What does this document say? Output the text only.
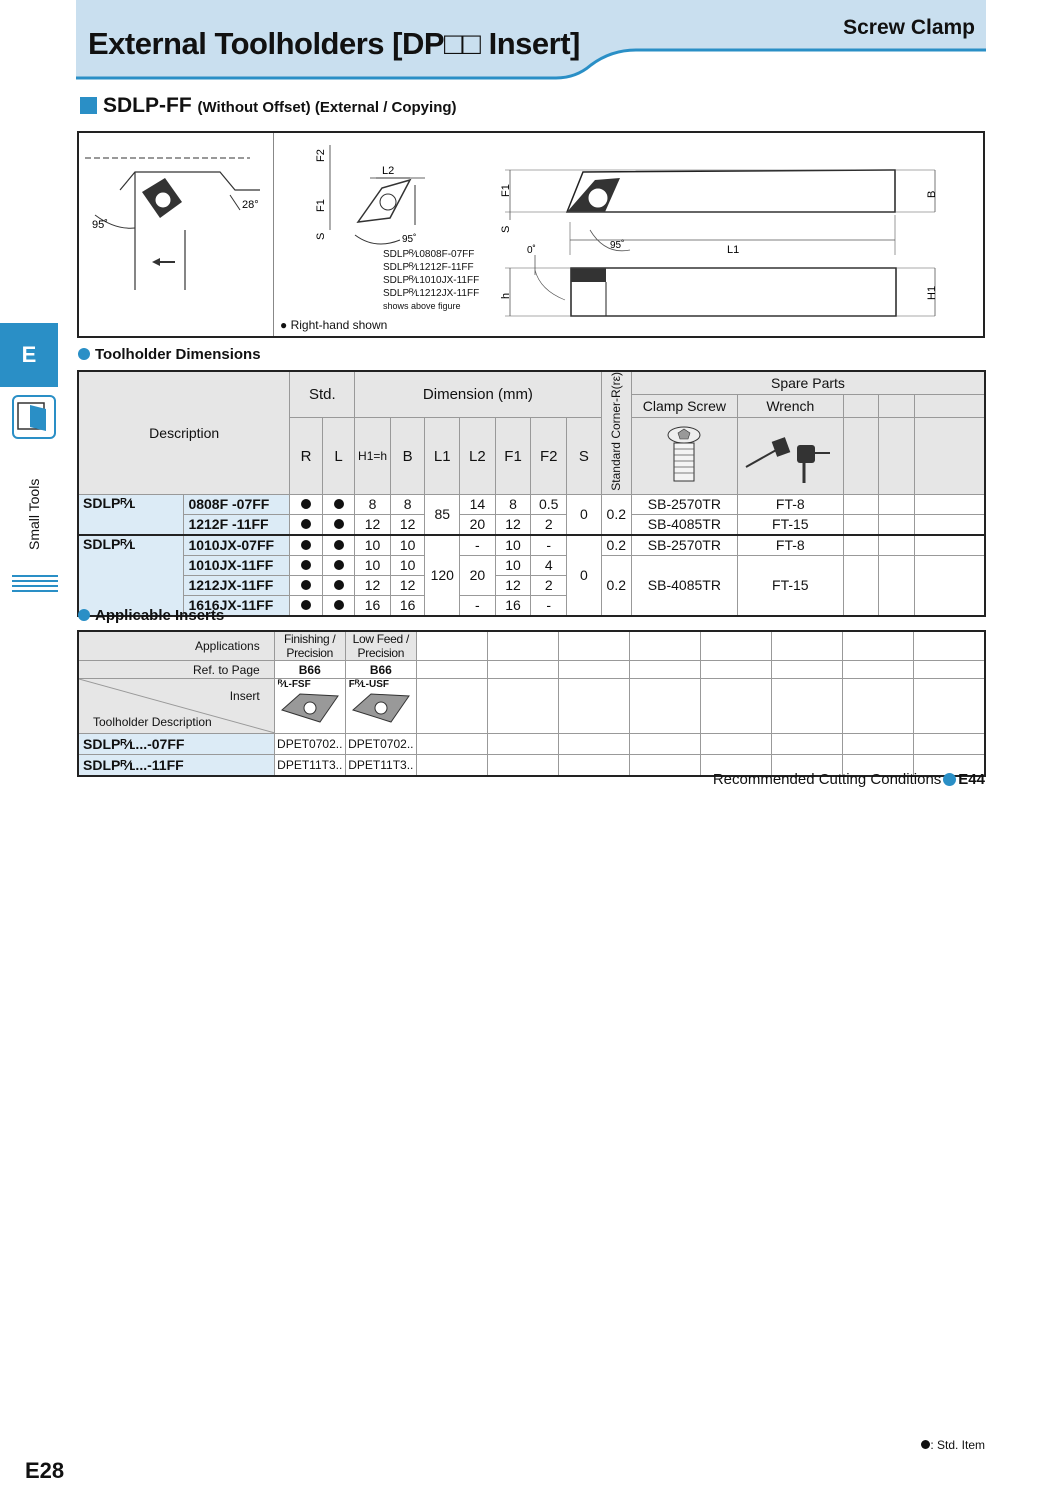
External Toolholders [DP□□ Insert]	Screw Clamp
E
Small Tools
SDLP-FF (Without Offset) (External / Copying)
95˚
28°
F2
L2
F1
S	95˚
SDLPᴿ⁄ʟ0808F-07FF
SDLPᴿ⁄ʟ1212F-11FF
SDLPᴿ⁄ʟ1010JX-11FF
SDLPᴿ⁄ʟ1212JX-11FF
shows above figure
● Right-hand shown
F1
S
B
L1
95˚
0˚
h	H1
Toolholder Dimensions
Description		Std.		Dimension (mm)							Standard Corner-R(rε)	Spare Parts				
												Clamp Screw	Wrench			
		R	L	H1=h	B	L1	L2	F1	F2	S					
SDLPᴿ⁄ʟ	0808F -07FF			8	8	85	14	8	0.5	0	0.2	SB-2570TR	FT-8			
	1212F -11FF			12	12		20	12	2			SB-4085TR	FT-15			
SDLPᴿ⁄ʟ	1010JX-07FF			10	10	120	-	10	-	0	0.2	SB-2570TR	FT-8			
	1010JX-11FF			10	10		20	10	4		0.2	SB-4085TR	FT-15			
	1212JX-11FF			12	12			12	2							
	1616JX-11FF			16	16		-	16	-							
Applicable Inserts
Applications	Finishing / Precision	Low Feed / Precision								
Ref. to Page	B66	B66								

Insert
Toolholder Description	ᴿ⁄ʟ-FSF	Fᴿ⁄ʟ-USF								

SDLPᴿ⁄ʟ...-07FF	DPET0702..	DPET0702..								
SDLPᴿ⁄ʟ...-11FF	DPET11T3..	DPET11T3..								
Recommended Cutting Conditions E44
: Std. Item
E28
